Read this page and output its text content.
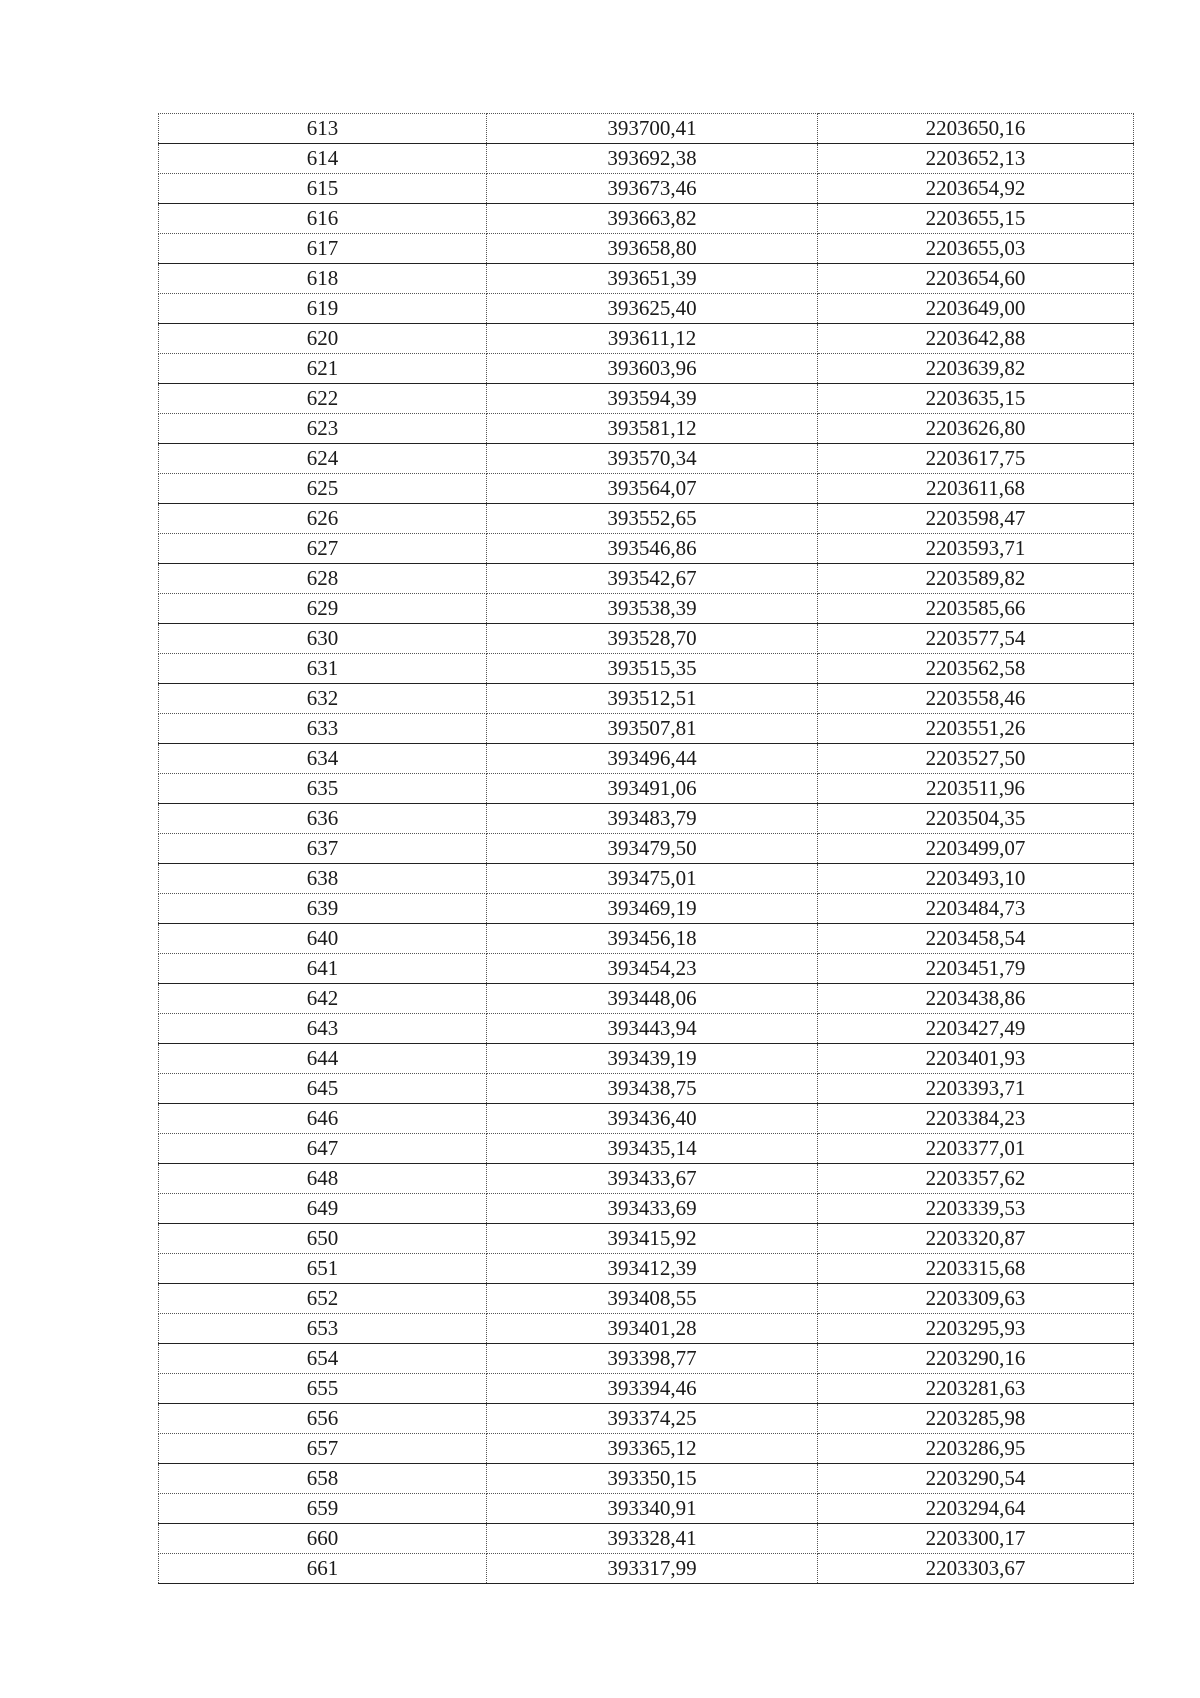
613	393700,41	2203650,16
614	393692,38	2203652,13
615	393673,46	2203654,92
616	393663,82	2203655,15
617	393658,80	2203655,03
618	393651,39	2203654,60
619	393625,40	2203649,00
620	393611,12	2203642,88
621	393603,96	2203639,82
622	393594,39	2203635,15
623	393581,12	2203626,80
624	393570,34	2203617,75
625	393564,07	2203611,68
626	393552,65	2203598,47
627	393546,86	2203593,71
628	393542,67	2203589,82
629	393538,39	2203585,66
630	393528,70	2203577,54
631	393515,35	2203562,58
632	393512,51	2203558,46
633	393507,81	2203551,26
634	393496,44	2203527,50
635	393491,06	2203511,96
636	393483,79	2203504,35
637	393479,50	2203499,07
638	393475,01	2203493,10
639	393469,19	2203484,73
640	393456,18	2203458,54
641	393454,23	2203451,79
642	393448,06	2203438,86
643	393443,94	2203427,49
644	393439,19	2203401,93
645	393438,75	2203393,71
646	393436,40	2203384,23
647	393435,14	2203377,01
648	393433,67	2203357,62
649	393433,69	2203339,53
650	393415,92	2203320,87
651	393412,39	2203315,68
652	393408,55	2203309,63
653	393401,28	2203295,93
654	393398,77	2203290,16
655	393394,46	2203281,63
656	393374,25	2203285,98
657	393365,12	2203286,95
658	393350,15	2203290,54
659	393340,91	2203294,64
660	393328,41	2203300,17
661	393317,99	2203303,67
